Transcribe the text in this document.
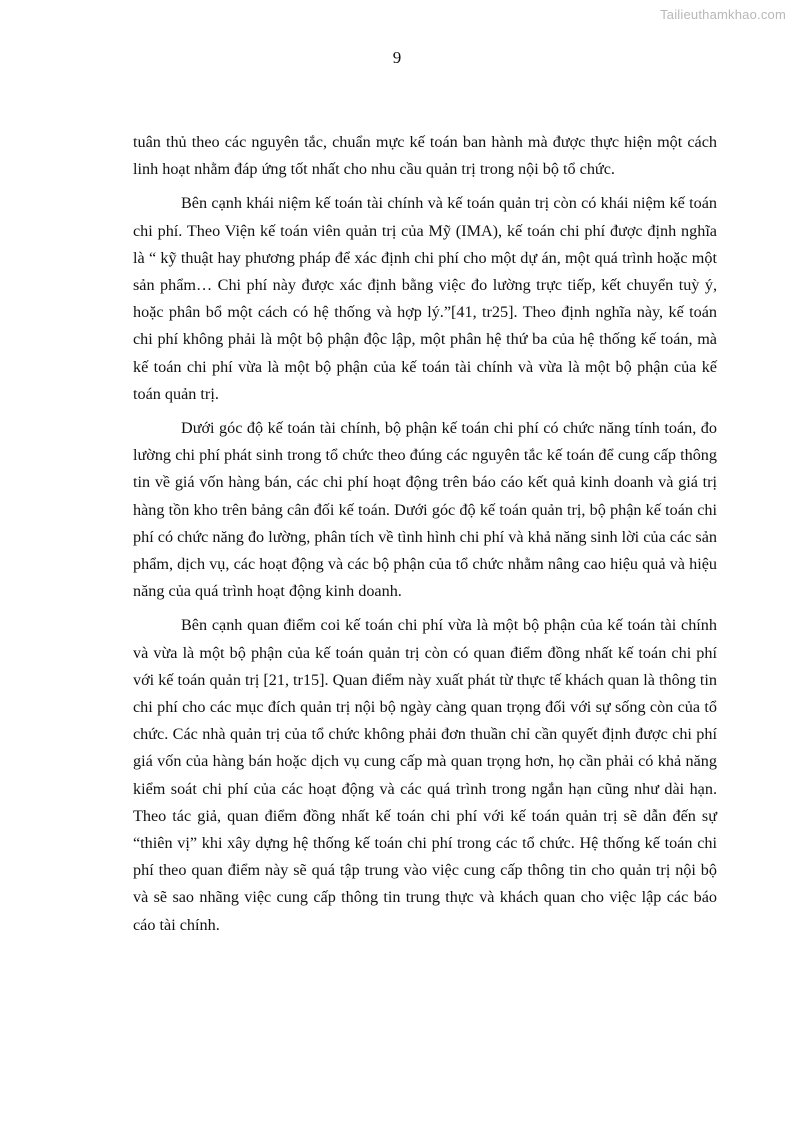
Tailieuthamkhao.com
9

tuân thủ theo các nguyên tắc, chuẩn mực kế toán ban hành mà được thực hiện một cách linh hoạt nhằm đáp ứng tốt nhất cho nhu cầu quản trị trong nội bộ tổ chức.

Bên cạnh khái niệm kế toán tài chính và kế toán quản trị còn có khái niệm kế toán chi phí. Theo Viện kế toán viên quản trị của Mỹ (IMA), kế toán chi phí được định nghĩa là “ kỹ thuật hay phương pháp để xác định chi phí cho một dự án, một quá trình hoặc một sản phẩm… Chi phí này được xác định bằng việc đo lường trực tiếp, kết chuyển tuỳ ý, hoặc phân bổ một cách có hệ thống và hợp lý.”[41, tr25]. Theo định nghĩa này, kế toán chi phí không phải là một bộ phận độc lập, một phân hệ thứ ba của hệ thống kế toán, mà kế toán chi phí vừa là một bộ phận của kế toán tài chính và vừa là một bộ phận của kế toán quản trị.

Dưới góc độ kế toán tài chính, bộ phận kế toán chi phí có chức năng tính toán, đo lường chi phí phát sinh trong tổ chức theo đúng các nguyên tắc kế toán để cung cấp thông tin về giá vốn hàng bán, các chi phí hoạt động trên báo cáo kết quả kinh doanh và giá trị hàng tồn kho trên bảng cân đối kế toán. Dưới góc độ kế toán quản trị, bộ phận kế toán chi phí có chức năng đo lường, phân tích về tình hình chi phí và khả năng sinh lời của các sản phẩm, dịch vụ, các hoạt động và các bộ phận của tổ chức nhằm nâng cao hiệu quả và hiệu năng của quá trình hoạt động kinh doanh.

Bên cạnh quan điểm coi kế toán chi phí vừa là một bộ phận của kế toán tài chính và vừa là một bộ phận của kế toán quản trị còn có quan điểm đồng nhất kế toán chi phí với kế toán quản trị [21, tr15]. Quan điểm này xuất phát từ thực tế khách quan là thông tin chi phí cho các mục đích quản trị nội bộ ngày càng quan trọng đối với sự sống còn của tổ chức. Các nhà quản trị của tổ chức không phải đơn thuần chỉ cần quyết định được chi phí giá vốn của hàng bán hoặc dịch vụ cung cấp mà quan trọng hơn, họ cần phải có khả năng kiểm soát chi phí của các hoạt động và các quá trình trong ngắn hạn cũng như dài hạn. Theo tác giả, quan điểm đồng nhất kế toán chi phí với kế toán quản trị sẽ dẫn đến sự “thiên vị” khi xây dựng hệ thống kế toán chi phí trong các tổ chức. Hệ thống kế toán chi phí theo quan điểm này sẽ quá tập trung vào việc cung cấp thông tin cho quản trị nội bộ và sẽ sao nhãng việc cung cấp thông tin trung thực và khách quan cho việc lập các báo cáo tài chính.
